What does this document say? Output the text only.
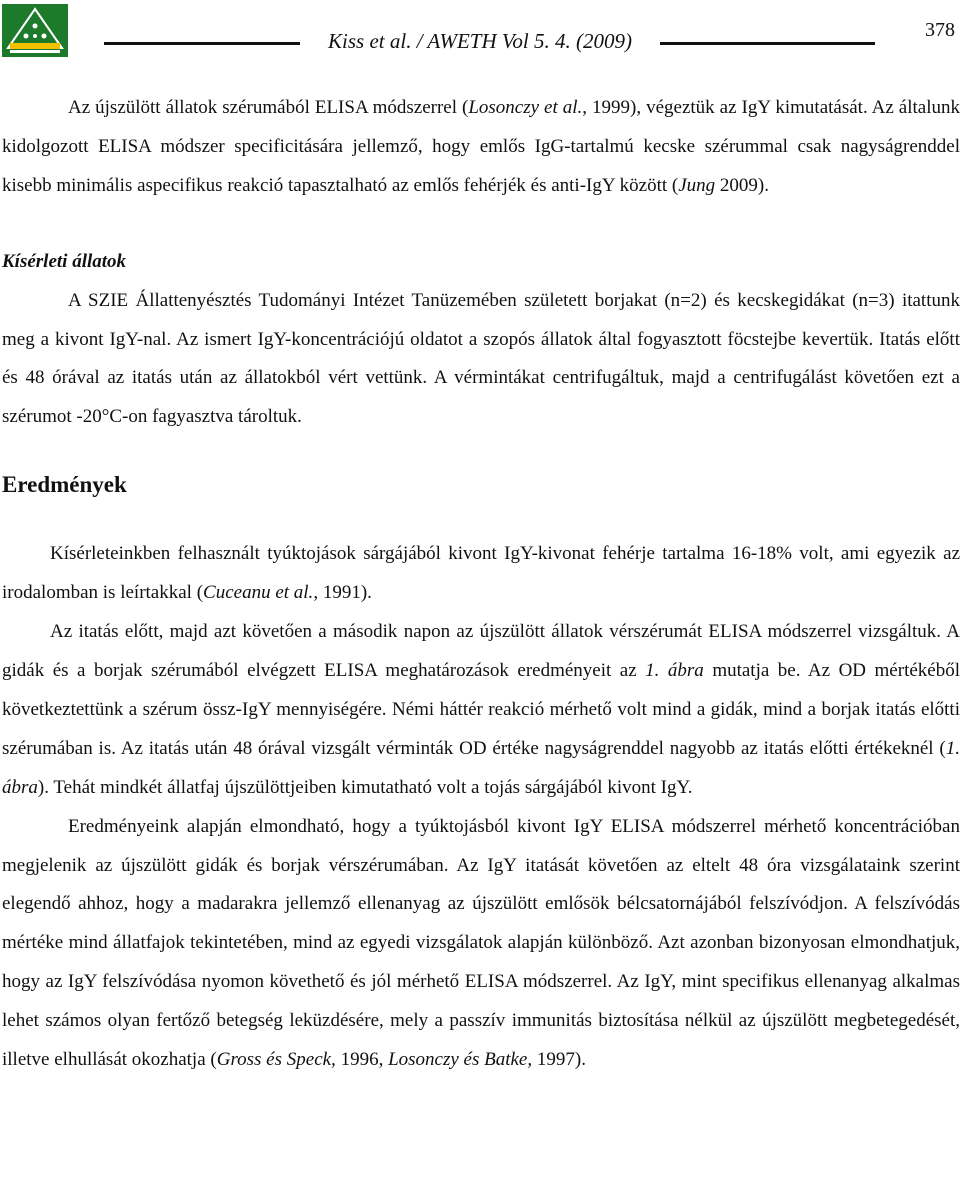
Kiss et al. / AWETH Vol 5. 4. (2009)	378

Az újszülött állatok szérumából ELISA módszerrel (Losonczy et al., 1999), végeztük az IgY kimutatását. Az általunk kidolgozott ELISA módszer specificitására jellemző, hogy emlős IgG-tartalmú kecske szérummal csak nagyságrenddel kisebb minimális aspecifikus reakció tapasztalható az emlős fehérjék és anti-IgY között (Jung 2009).

Kísérleti állatok

A SZIE Állattenyésztés Tudományi Intézet Tanüzemében született borjakat (n=2) és kecskegidákat (n=3) itattunk meg a kivont IgY-nal. Az ismert IgY-koncentrációjú oldatot a szopós állatok által fogyasztott föcstejbe kevertük. Itatás előtt és 48 órával az itatás után az állatokból vért vettünk. A vérmintákat centrifugáltuk, majd a centrifugálást követően ezt a szérumot -20°C-on fagyasztva tároltuk.

Eredmények

Kísérleteinkben felhasznált tyúktojások sárgájából kivont IgY-kivonat fehérje tartalma 16-18% volt, ami egyezik az irodalomban is leírtakkal (Cuceanu et al., 1991).

Az itatás előtt, majd azt követően a második napon az újszülött állatok vérszérumát ELISA módszerrel vizsgáltuk. A gidák és a borjak szérumából elvégzett ELISA meghatározások eredményeit az 1. ábra mutatja be. Az OD mértékéből következtettünk a szérum össz-IgY mennyiségére. Némi háttér reakció mérhető volt mind a gidák, mind a borjak itatás előtti szérumában is. Az itatás után 48 órával vizsgált vérminták OD értéke nagyságrenddel nagyobb az itatás előtti értékeknél (1. ábra). Tehát mindkét állatfaj újszülöttjeiben kimutatható volt a tojás sárgájából kivont IgY.

Eredményeink alapján elmondható, hogy a tyúktojásból kivont IgY ELISA módszerrel mérhető koncentrációban megjelenik az újszülött gidák és borjak vérszérumában. Az IgY itatását követően az eltelt 48 óra vizsgálataink szerint elegendő ahhoz, hogy a madarakra jellemző ellenanyag az újszülött emlősök bélcsatornájából felszívódjon. A felszívódás mértéke mind állatfajok tekintetében, mind az egyedi vizsgálatok alapján különböző. Azt azonban bizonyosan elmondhatjuk, hogy az IgY felszívódása nyomon követhető és jól mérhető ELISA módszerrel. Az IgY, mint specifikus ellenanyag alkalmas lehet számos olyan fertőző betegség leküzdésére, mely a passzív immunitás biztosítása nélkül az újszülött megbetegedését, illetve elhullását okozhatja (Gross és Speck, 1996, Losonczy és Batke, 1997).
